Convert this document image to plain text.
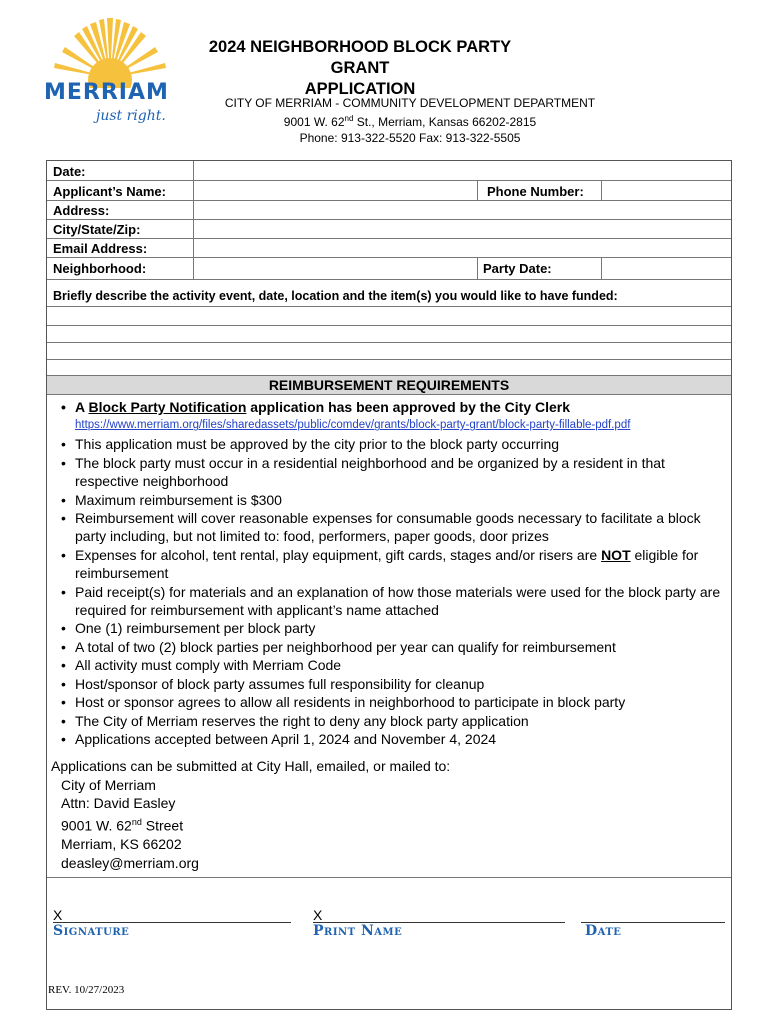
MERRIAM
just right.
2024 NEIGHBORHOOD BLOCK PARTY GRANT
APPLICATION
CITY OF MERRIAM - COMMUNITY DEVELOPMENT DEPARTMENT
9001 W. 62nd St., Merriam, Kansas 66202-2815
Phone: 913-322-5520 Fax: 913-322-5505
Date:
Applicant’s Name:	Phone Number:
Address:
City/State/Zip:
Email Address:
Neighborhood:	Party Date:
Briefly describe the activity event, date, location and the item(s) you would like to have funded:
REIMBURSEMENT REQUIREMENTS
• A Block Party Notification application has been approved by the City Clerk
https://www.merriam.org/files/sharedassets/public/comdev/grants/block-party-grant/block-party-fillable-pdf.pdf
• This application must be approved by the city prior to the block party occurring
• The block party must occur in a residential neighborhood and be organized by a resident in that respective neighborhood
• Maximum reimbursement is $300
• Reimbursement will cover reasonable expenses for consumable goods necessary to facilitate a block party including, but not limited to: food, performers, paper goods, door prizes
• Expenses for alcohol, tent rental, play equipment, gift cards, stages and/or risers are NOT eligible for reimbursement
• Paid receipt(s) for materials and an explanation of how those materials were used for the block party are required for reimbursement with applicant’s name attached
• One (1) reimbursement per block party
• A total of two (2) block parties per neighborhood per year can qualify for reimbursement
• All activity must comply with Merriam Code
• Host/sponsor of block party assumes full responsibility for cleanup
• Host or sponsor agrees to allow all residents in neighborhood to participate in block party
• The City of Merriam reserves the right to deny any block party application
• Applications accepted between April 1, 2024 and November 4, 2024
Applications can be submitted at City Hall, emailed, or mailed to:
City of Merriam
Attn: David Easley
9001 W. 62nd Street
Merriam, KS 66202
deasley@merriam.org
X
Signature
X
Print Name	Date
REV. 10/27/2023
